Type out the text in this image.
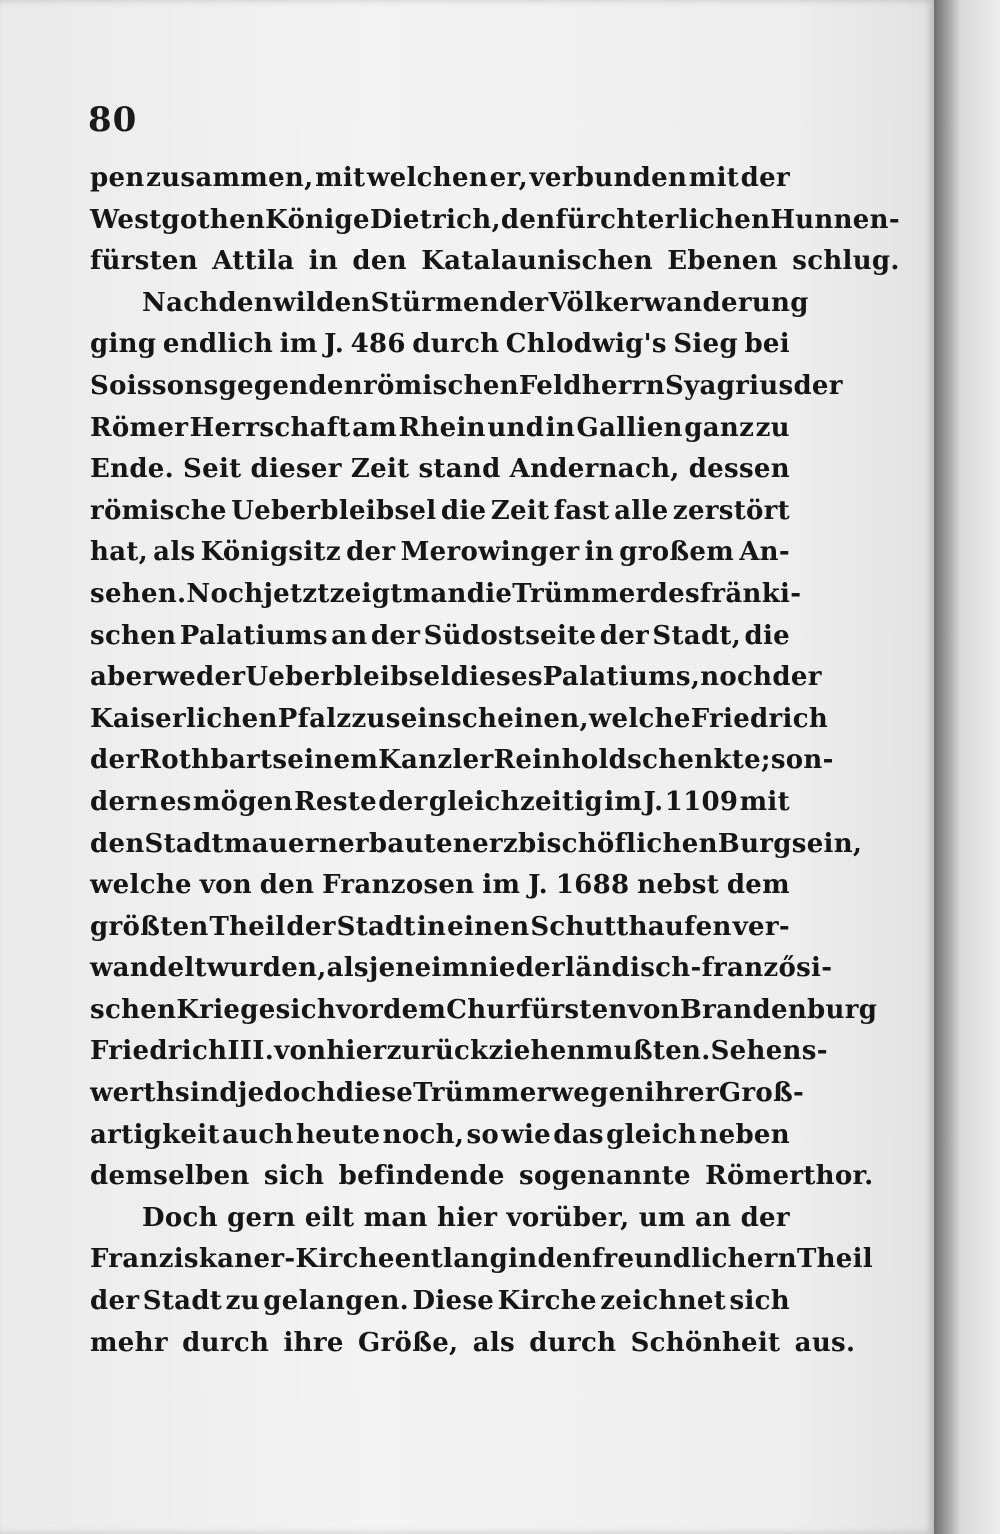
80
pen zusammen, mit welchen er, verbunden mit der
Westgothen Könige Dietrich, den fürchterlichen Hunnen-
fürsten Attila in den Katalaunischen Ebenen schlug.
Nach den wilden Stürmen der Völkerwanderung
ging endlich im J. 486 durch Chlodwig's Sieg bei
Soissons gegen den römischen Feldherrn Syagrius der
Römer Herrschaft am Rhein und in Gallien ganz zu
Ende. Seit dieser Zeit stand Andernach, dessen
römische Ueberbleibsel die Zeit fast alle zerstört
hat, als Königsitz der Merowinger in großem An-
sehen. Noch jetzt zeigt man die Trümmer des fränki-
schen Palatiums an der Südostseite der Stadt, die
aber weder Ueberbleibsel dieses Palatiums, noch der
Kaiserlichen Pfalz zu sein scheinen, welche Friedrich
der Rothbart seinem Kanzler Reinhold schenkte; son-
dern es mögen Reste der gleichzeitig im J. 1109 mit
den Stadtmauern erbauten erzbischöflichen Burg sein,
welche von den Franzosen im J. 1688 nebst dem
größten Theil der Stadt in einen Schutthaufen ver-
wandelt wurden, als jene im niederländisch-franzősi-
schen Kriege sich vor dem Churfürsten von Brandenburg
Friedrich III. von hier zurückziehen mußten. Sehens-
werth sind jedoch diese Trümmer wegen ihrer Groß-
artigkeit auch heute noch, so wie das gleich neben
demselben sich befindende sogenannte Römerthor.
Doch gern eilt man hier vorüber, um an der
Franziskaner-Kirche entlang in den freundlichern Theil
der Stadt zu gelangen. Diese Kirche zeichnet sich
mehr durch ihre Größe, als durch Schönheit aus.
